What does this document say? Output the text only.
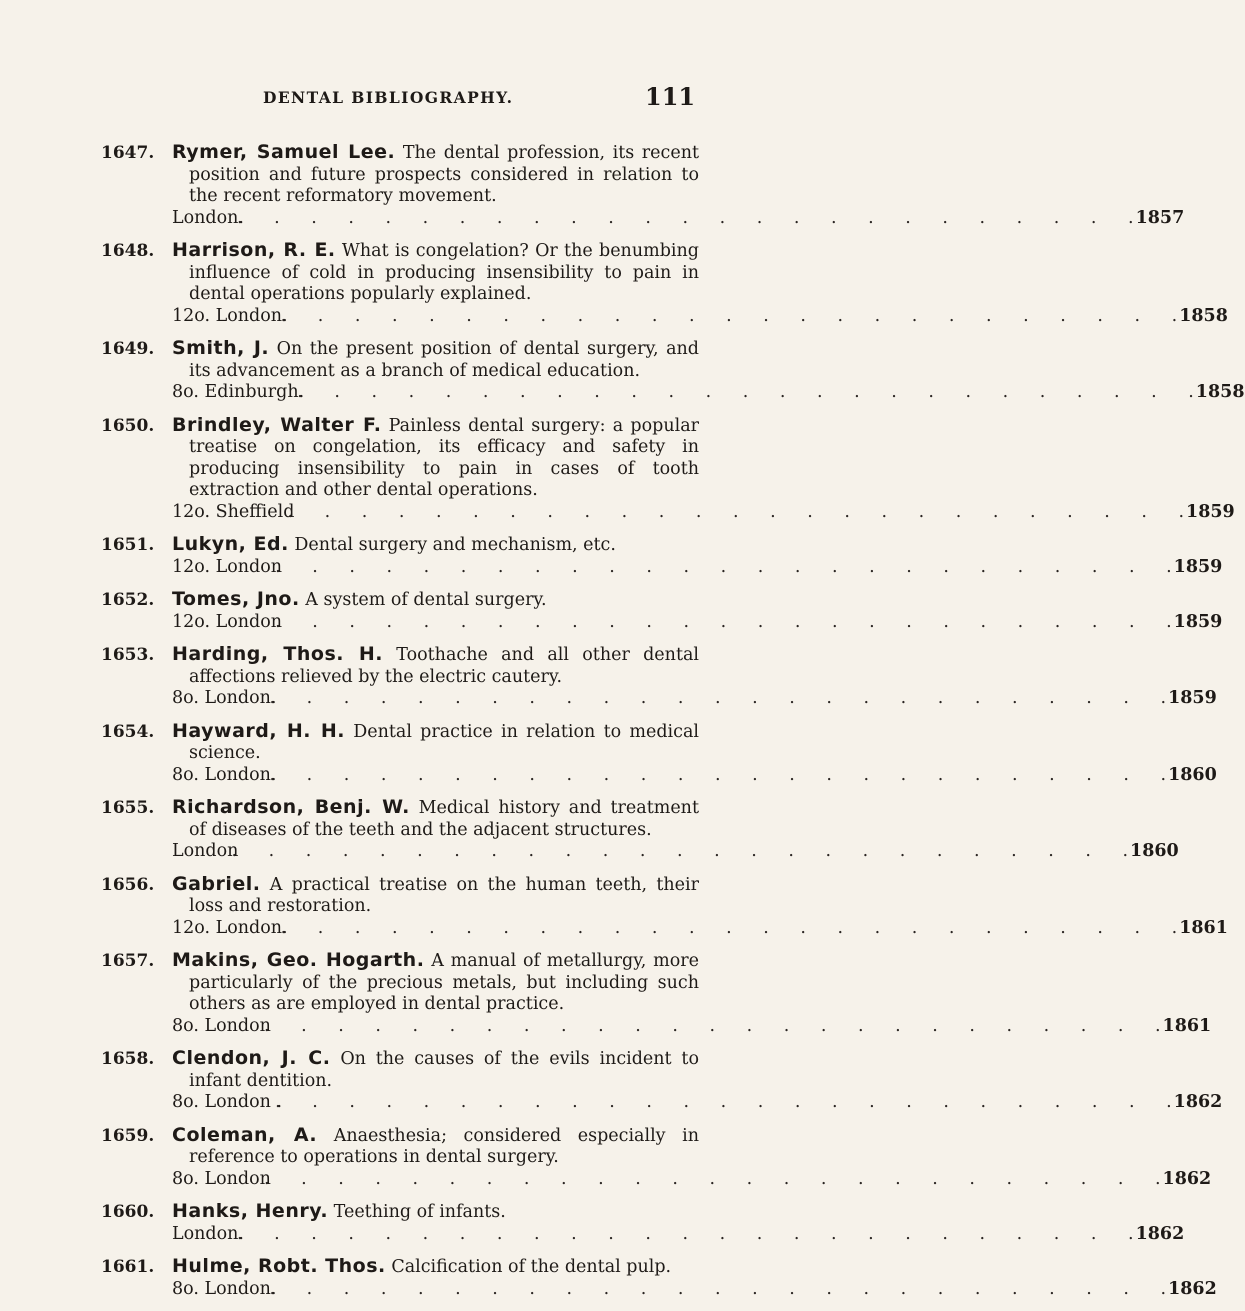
DENTAL BIBLIOGRAPHY.	111
1647. Rymer, Samuel Lee. The dental profession, its recent position and future prospects considered in relation to the recent reformatory movement.
London.
. . . . . . . . . . . . . . . . . . . . . . . . .
1857
1648. Harrison, R. E. What is congelation? Or the benumbing influence of cold in producing insensibility to pain in dental operations popularly explained.
12o. London.
. . . . . . . . . . . . . . . . . . . . . . . . .
1858
1649. Smith, J. On the present position of dental surgery, and its advancement as a branch of medical education.
8o. Edinburgh.
. . . . . . . . . . . . . . . . . . . . . . . . .
1858
1650. Brindley, Walter F. Painless dental surgery: a popular treatise on congelation, its efficacy and safety in producing insensibility to pain in cases of tooth extraction and other dental operations.
12o. Sheffield
. . . . . . . . . . . . . . . . . . . . . . . . .
1859
1651. Lukyn, Ed. Dental surgery and mechanism, etc.
12o. London
. . . . . . . . . . . . . . . . . . . . . . . . .
1859
1652. Tomes, Jno. A system of dental surgery.
12o. London
. . . . . . . . . . . . . . . . . . . . . . . . .
1859
1653. Harding, Thos. H. Toothache and all other dental affections relieved by the electric cautery.
8o. London.
. . . . . . . . . . . . . . . . . . . . . . . . .
1859
1654. Hayward, H. H. Dental practice in relation to medical science.
8o. London.
. . . . . . . . . . . . . . . . . . . . . . . . .
1860
1655. Richardson, Benj. W. Medical history and treatment of diseases of the teeth and the adjacent structures.
London
. . . . . . . . . . . . . . . . . . . . . . . . .
1860
1656. Gabriel. A practical treatise on the human teeth, their loss and restoration.
12o. London.
. . . . . . . . . . . . . . . . . . . . . . . . .
1861
1657. Makins, Geo. Hogarth. A manual of metallurgy, more particularly of the precious metals, but including such others as are employed in dental practice.
8o. London
. . . . . . . . . . . . . . . . . . . . . . . . .
1861
1658. Clendon, J. C. On the causes of the evils incident to infant dentition.
8o. London .
. . . . . . . . . . . . . . . . . . . . . . . . .
1862
1659. Coleman, A. Anaesthesia; considered especially in reference to operations in dental surgery.
8o. London
. . . . . . . . . . . . . . . . . . . . . . . . .
1862
1660. Hanks, Henry. Teething of infants.
London.
. . . . . . . . . . . . . . . . . . . . . . . . .
1862
1661. Hulme, Robt. Thos. Calcification of the dental pulp.
8o. London.
. . . . . . . . . . . . . . . . . . . . . . . . .
1862
